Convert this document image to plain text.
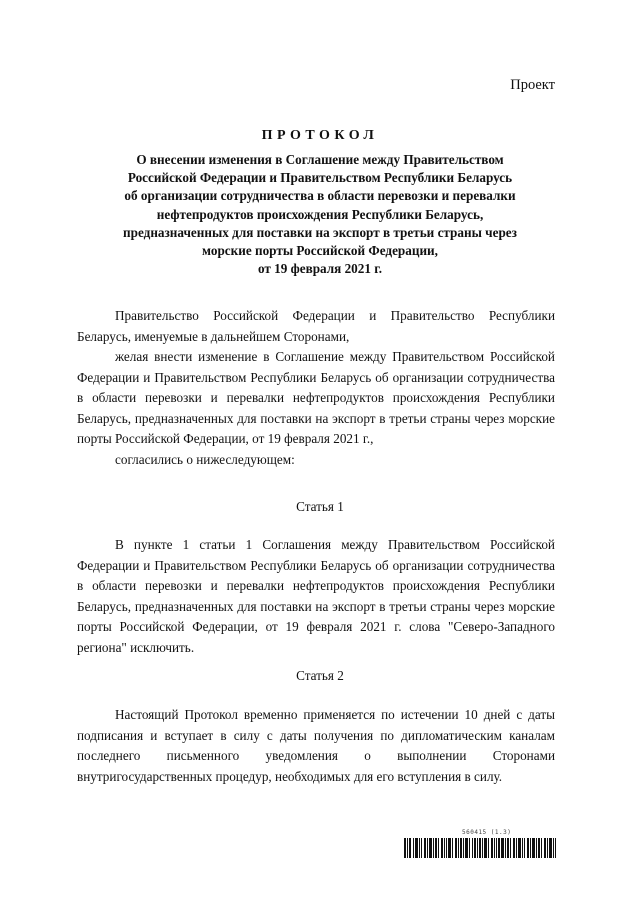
Проект
ПРОТОКОЛ
О внесении изменения в Соглашение между Правительством
Российской Федерации и Правительством Республики Беларусь
об организации сотрудничества в области перевозки и перевалки
нефтепродуктов происхождения Республики Беларусь,
предназначенных для поставки на экспорт в третьи страны через
морские порты Российской Федерации,
от 19 февраля 2021 г.

Правительство Российской Федерации и Правительство Республики Беларусь, именуемые в дальнейшем Сторонами,

желая внести изменение в Соглашение между Правительством Российской Федерации и Правительством Республики Беларусь об организации сотрудничества в области перевозки и перевалки нефтепродуктов происхождения Республики Беларусь, предназначенных для поставки на экспорт в третьи страны через морские порты Российской Федерации, от 19 февраля 2021 г.,

согласились о нижеследующем:

Статья 1

В пункте 1 статьи 1 Соглашения между Правительством Российской Федерации и Правительством Республики Беларусь об организации сотрудничества в области перевозки и перевалки нефтепродуктов происхождения Республики Беларусь, предназначенных для поставки на экспорт в третьи страны через морские порты Российской Федерации, от 19 февраля 2021 г. слова "Северо-Западного региона" исключить.

Статья 2

Настоящий Протокол временно применяется по истечении 10 дней с даты подписания и вступает в силу с даты получения по дипломатическим каналам последнего письменного уведомления о выполнении Сторонами внутригосударственных процедур, необходимых для его вступления в силу.

560415 (1.3)
